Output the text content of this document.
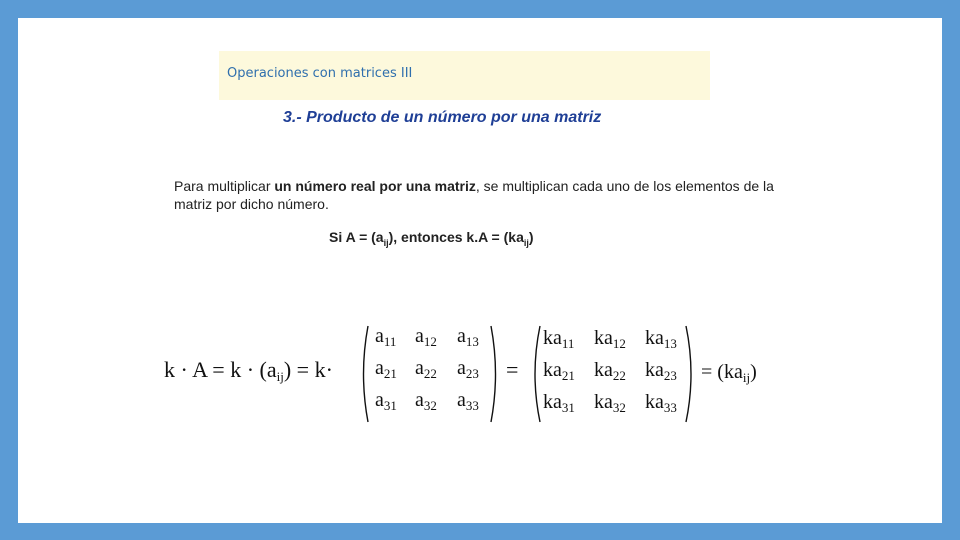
Operaciones con matrices III
3.- Producto de un número por una matriz
Para multiplicar un número real por una matriz, se multiplican cada uno de los elementos de la matriz por dicho número.
Si $A = (a_{ij})$, entonces $k.A = (ka_{ij})$
$k \cdot A = k \cdot (a_{ij}) = k\cdot$
$a_{11}$ $a_{12}$ $a_{13}$
$a_{21}$ $a_{22}$ $a_{23}$
$a_{31}$ $a_{32}$ $a_{33}$
=
$ka_{11}$ $ka_{12}$ $ka_{13}$
$ka_{21}$ $ka_{22}$ $ka_{23}$
$ka_{31}$ $ka_{32}$ $ka_{33}$
= $(ka_{ij})$
